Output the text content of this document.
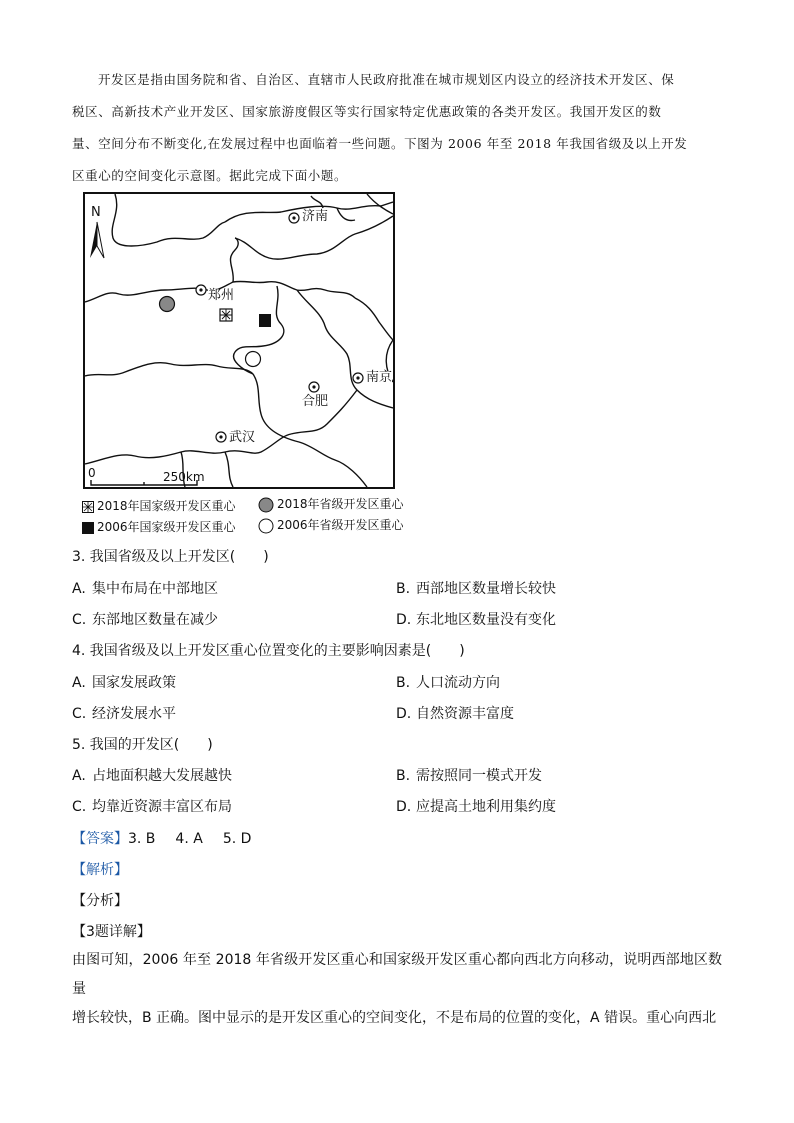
开发区是指由国务院和省、自治区、直辖市人民政府批准在城市规划区内设立的经济技术开发区、保
税区、高新技术产业开发区、国家旅游度假区等实行国家特定优惠政策的各类开发区。我国开发区的数
量、空间分布不断变化,在发展过程中也面临着一些问题。下图为 2006 年至 2018 年我国省级及以上开发
区重心的空间变化示意图。据此完成下面小题。
N	济南
郑州
南京
合肥
武汉
0	250km
2018年国家级开发区重心	2018年省级开发区重心
2006年国家级开发区重心	2006年省级开发区重心
3. 我国省级及以上开发区(　　)
A. 集中布局在中部地区	B. 西部地区数量增长较快
C. 东部地区数量在减少	D. 东北地区数量没有变化
4. 我国省级及以上开发区重心位置变化的主要影响因素是(　　)
A. 国家发展政策	B. 人口流动方向
C. 经济发展水平	D. 自然资源丰富度
5. 我国的开发区(　　)
A. 占地面积越大发展越快	B. 需按照同一模式开发
C. 均靠近资源丰富区布局	D. 应提高土地利用集约度
【答案】3. B 4. A 5. D
【解析】
【分析】
【3题详解】
由图可知，2006 年至 2018 年省级开发区重心和国家级开发区重心都向西北方向移动，说明西部地区数量
增长较快，B 正确。图中显示的是开发区重心的空间变化，不是布局的位置的变化，A 错误。重心向西北
